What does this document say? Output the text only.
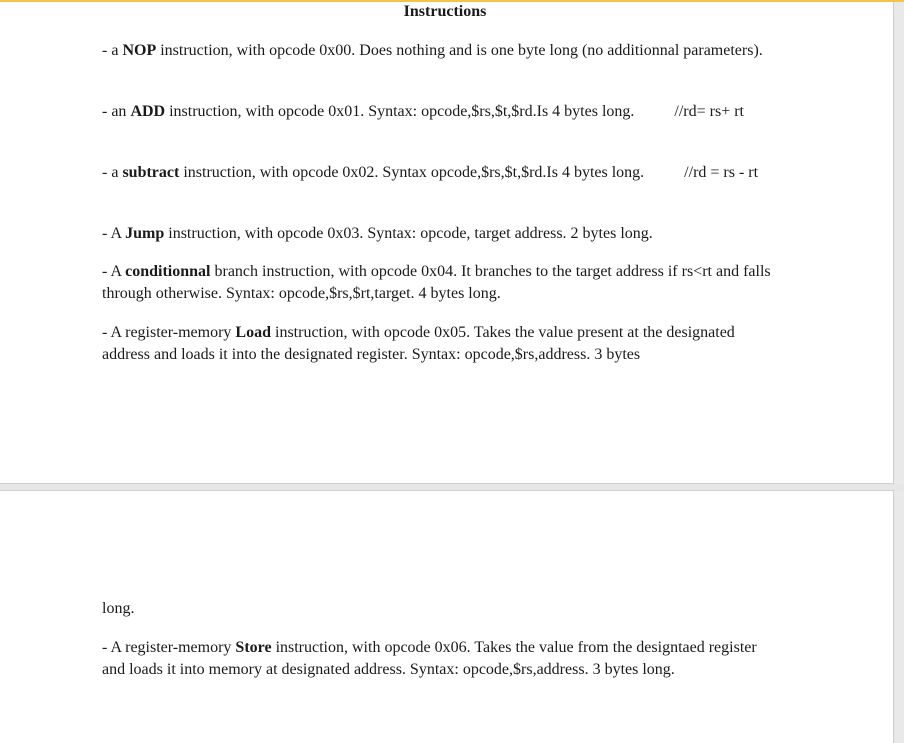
Instructions

- a NOP instruction, with opcode 0x00. Does nothing and is one byte long (no additionnal parameters).

- an ADD instruction, with opcode 0x01. Syntax: opcode,$rs,$t,$rd.Is 4 bytes long.	//rd= rs+ rt

- a subtract instruction, with opcode 0x02. Syntax opcode,$rs,$t,$rd.Is 4 bytes long.	//rd = rs - rt

- A Jump instruction, with opcode 0x03. Syntax: opcode, target address. 2 bytes long.

- A conditionnal branch instruction, with opcode 0x04. It branches to the target address if rs<rt and falls through otherwise. Syntax: opcode,$rs,$rt,target. 4 bytes long.

- A register-memory Load instruction, with opcode 0x05. Takes the value present at the designated address and loads it into the designated register. Syntax: opcode,$rs,address. 3 bytes

long.

- A register-memory Store instruction, with opcode 0x06. Takes the value from the designtaed register and loads it into memory at designated address. Syntax: opcode,$rs,address. 3 bytes long.
